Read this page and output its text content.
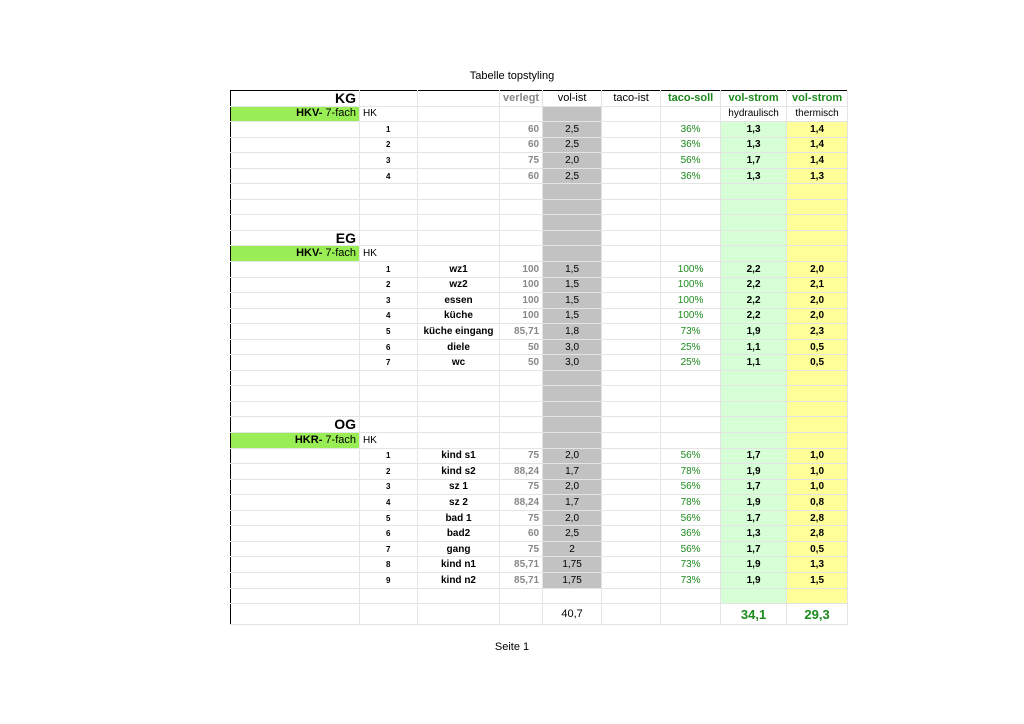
Tabelle topstyling
KG			verlegt	vol-ist	taco-ist	taco-soll	vol-strom	vol-strom
HKV- 7-fach	HK						hydraulisch	thermisch
	1		60	2,5		36%	1,3	1,4
	2		60	2,5		36%	1,3	1,4
	3		75	2,0		56%	1,7	1,4
	4		60	2,5		36%	1,3	1,3

EG								
HKV- 7-fach	HK							
	1	wz1	100	1,5		100%	2,2	2,0
	2	wz2	100	1,5		100%	2,2	2,1
	3	essen	100	1,5		100%	2,2	2,0
	4	küche	100	1,5		100%	2,2	2,0
	5	küche eingang	85,71	1,8		73%	1,9	2,3
	6	diele	50	3,0		25%	1,1	0,5
	7	wc	50	3,0		25%	1,1	0,5

OG								
HKR- 7-fach	HK							
	1	kind s1	75	2,0		56%	1,7	1,0
	2	kind s2	88,24	1,7		78%	1,9	1,0
	3	sz 1	75	2,0		56%	1,7	1,0
	4	sz 2	88,24	1,7		78%	1,9	0,8
	5	bad 1	75	2,0		56%	1,7	2,8
	6	bad2	60	2,5		36%	1,3	2,8
	7	gang	75	2		56%	1,7	0,5
	8	kind n1	85,71	1,75		73%	1,9	1,3
	9	kind n2	85,71	1,75		73%	1,9	1,5

				40,7			34,1	29,3
Seite 1
